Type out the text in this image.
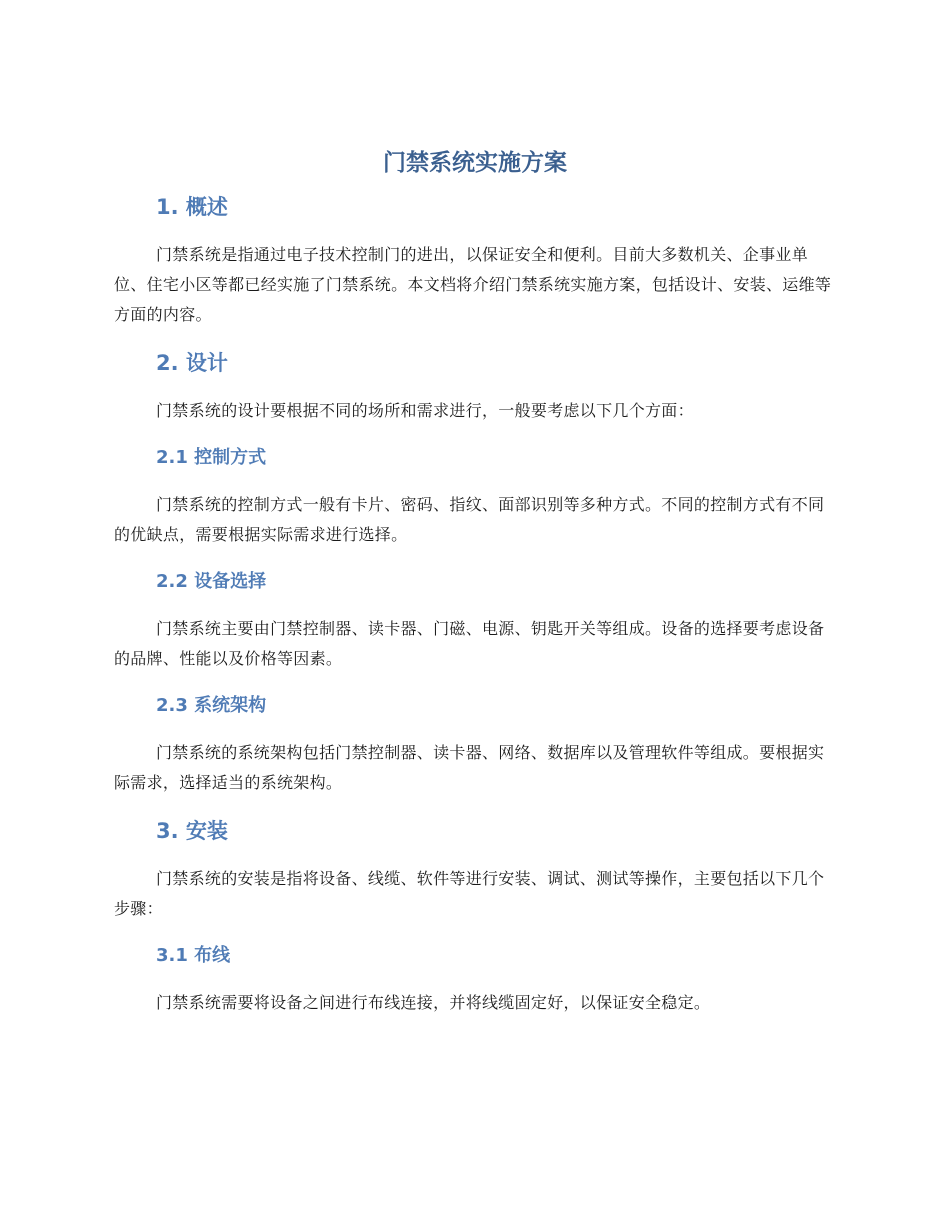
门禁系统实施方案
1. 概述

门禁系统是指通过电子技术控制门的进出，以保证安全和便利。目前大多数机关、企事业单位、住宅小区等都已经实施了门禁系统。本文档将介绍门禁系统实施方案，包括设计、安装、运维等方面的内容。

2. 设计

门禁系统的设计要根据不同的场所和需求进行，一般要考虑以下几个方面：

2.1 控制方式

门禁系统的控制方式一般有卡片、密码、指纹、面部识别等多种方式。不同的控制方式有不同的优缺点，需要根据实际需求进行选择。

2.2 设备选择

门禁系统主要由门禁控制器、读卡器、门磁、电源、钥匙开关等组成。设备的选择要考虑设备的品牌、性能以及价格等因素。

2.3 系统架构

门禁系统的系统架构包括门禁控制器、读卡器、网络、数据库以及管理软件等组成。要根据实际需求，选择适当的系统架构。

3. 安装

门禁系统的安装是指将设备、线缆、软件等进行安装、调试、测试等操作，主要包括以下几个步骤：

3.1 布线

门禁系统需要将设备之间进行布线连接，并将线缆固定好，以保证安全稳定。
